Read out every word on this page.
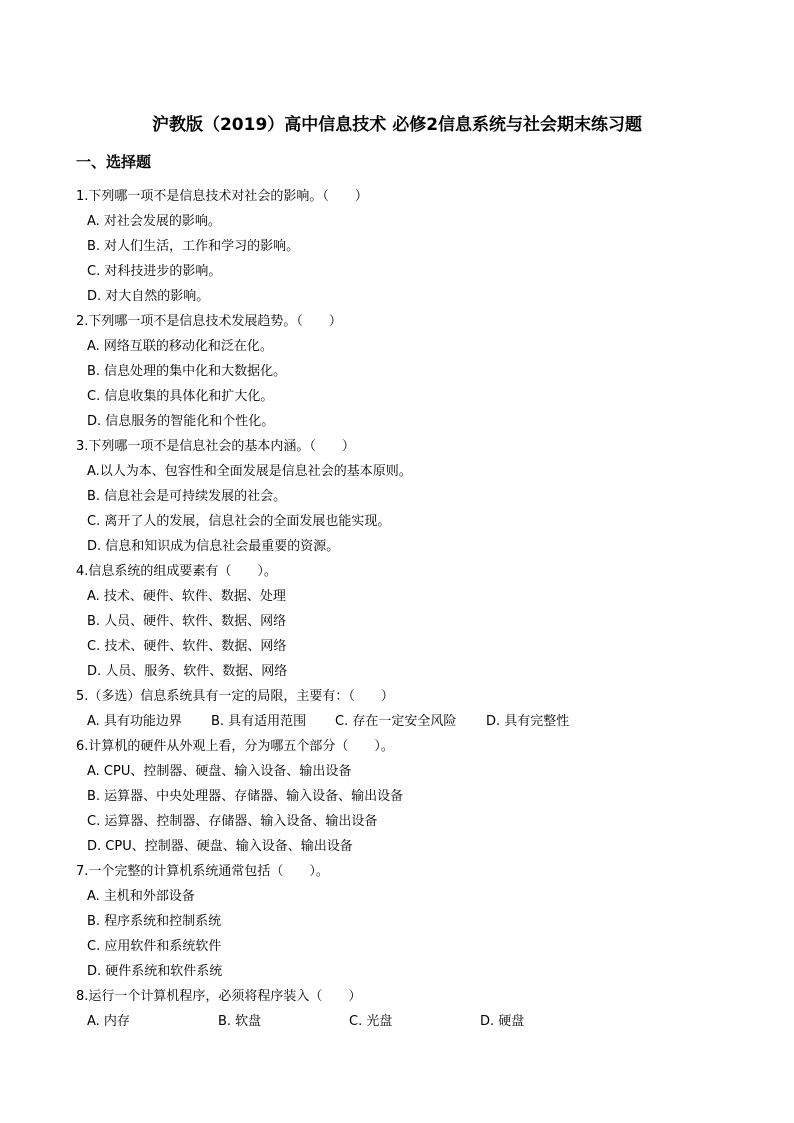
沪教版（2019）高中信息技术 必修2信息系统与社会期末练习题
一、选择题
1.下列哪一项不是信息技术对社会的影响。（　　）
A. 对社会发展的影响。
B. 对人们生活，工作和学习的影响。
C. 对科技进步的影响。
D. 对大自然的影响。
2.下列哪一项不是信息技术发展趋势。（　　）
A. 网络互联的移动化和泛在化。
B. 信息处理的集中化和大数据化。
C. 信息收集的具体化和扩大化。
D. 信息服务的智能化和个性化。
3.下列哪一项不是信息社会的基本内涵。（　　）
A.以人为本、包容性和全面发展是信息社会的基本原则。
B. 信息社会是可持续发展的社会。
C. 离开了人的发展，信息社会的全面发展也能实现。
D. 信息和知识成为信息社会最重要的资源。
4.信息系统的组成要素有（　　）。
A. 技术、硬件、软件、数据、处理
B. 人员、硬件、软件、数据、网络
C. 技术、硬件、软件、数据、网络
D. 人员、服务、软件、数据、网络
5.（多选）信息系统具有一定的局限，主要有：（　　）
A. 具有功能边界	B. 具有适用范围	C. 存在一定安全风险	D. 具有完整性
6.计算机的硬件从外观上看，分为哪五个部分（　　）。
A. CPU、控制器、硬盘、输入设备、输出设备
B. 运算器、中央处理器、存储器、输入设备、输出设备
C. 运算器、控制器、存储器、输入设备、输出设备
D. CPU、控制器、硬盘、输入设备、输出设备
7.一个完整的计算机系统通常包括（　　）。
A. 主机和外部设备
B. 程序系统和控制系统
C. 应用软件和系统软件
D. 硬件系统和软件系统
8.运行一个计算机程序，必须将程序装入（　　）
A. 内存	B. 软盘	C. 光盘	D. 硬盘
